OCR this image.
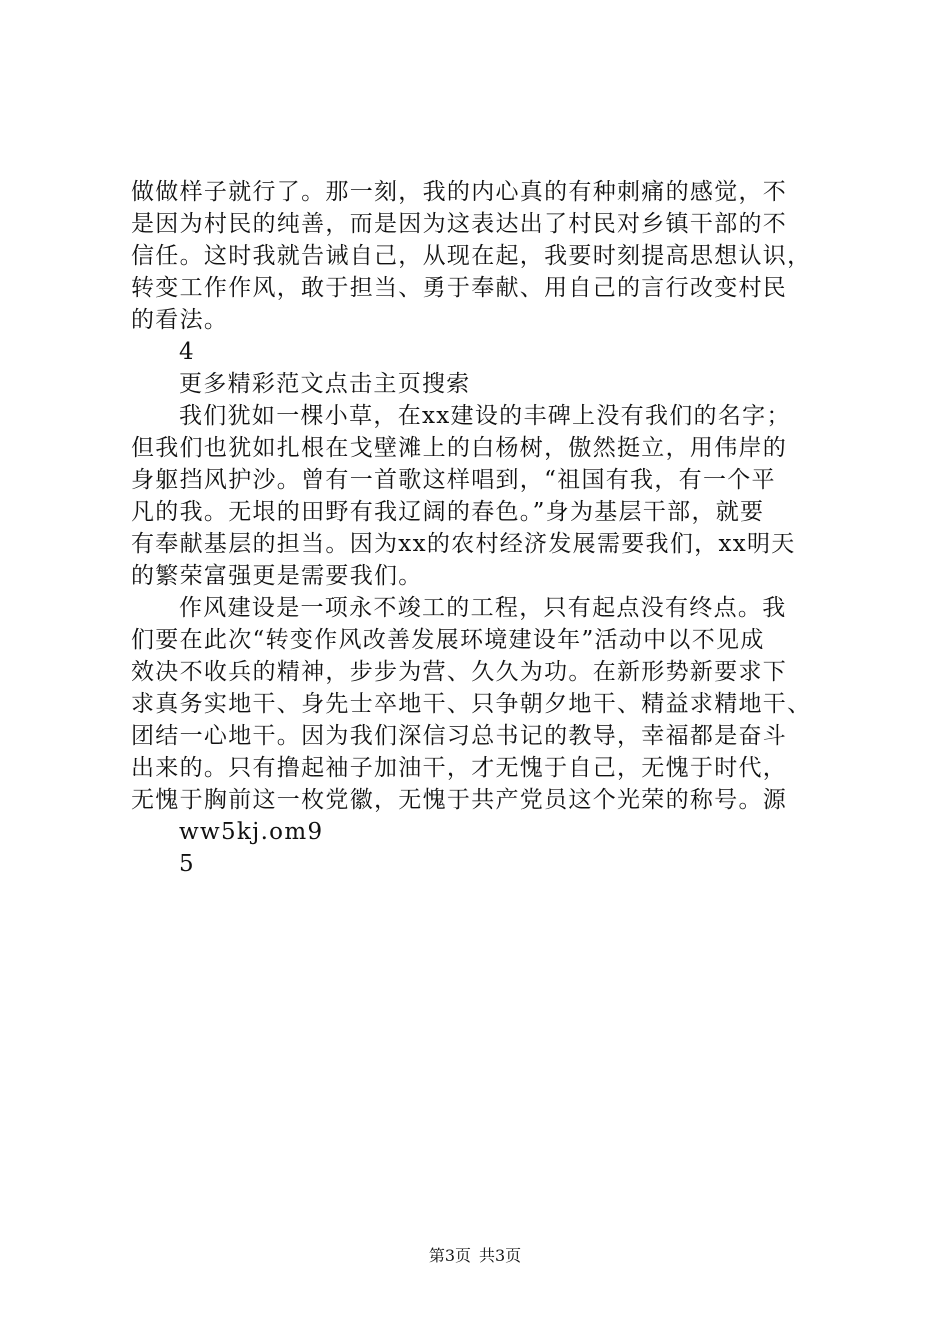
做做样子就行了。那一刻，我的内心真的有种刺痛的感觉，不
是因为村民的纯善，而是因为这表达出了村民对乡镇干部的不
信任。这时我就告诫自己，从现在起，我要时刻提高思想认识，
转变工作作风，敢于担当、勇于奉献、用自己的言行改变村民
的看法。
4
更多精彩范文点击主页搜索
我们犹如一棵小草，在xx建设的丰碑上没有我们的名字；
但我们也犹如扎根在戈壁滩上的白杨树，傲然挺立，用伟岸的
身躯挡风护沙。曾有一首歌这样唱到，“祖国有我，有一个平
凡的我。无垠的田野有我辽阔的春色。”身为基层干部，就要
有奉献基层的担当。因为xx的农村经济发展需要我们，xx明天
的繁荣富强更是需要我们。
作风建设是一项永不竣工的工程，只有起点没有终点。我
们要在此次“转变作风改善发展环境建设年”活动中以不见成
效决不收兵的精神，步步为营、久久为功。在新形势新要求下
求真务实地干、身先士卒地干、只争朝夕地干、精益求精地干、
团结一心地干。因为我们深信习总书记的教导，幸福都是奋斗
出来的。只有撸起袖子加油干，才无愧于自己，无愧于时代，
无愧于胸前这一枚党徽，无愧于共产党员这个光荣的称号。源
ww5kj.om9
5
第3页 共3页
